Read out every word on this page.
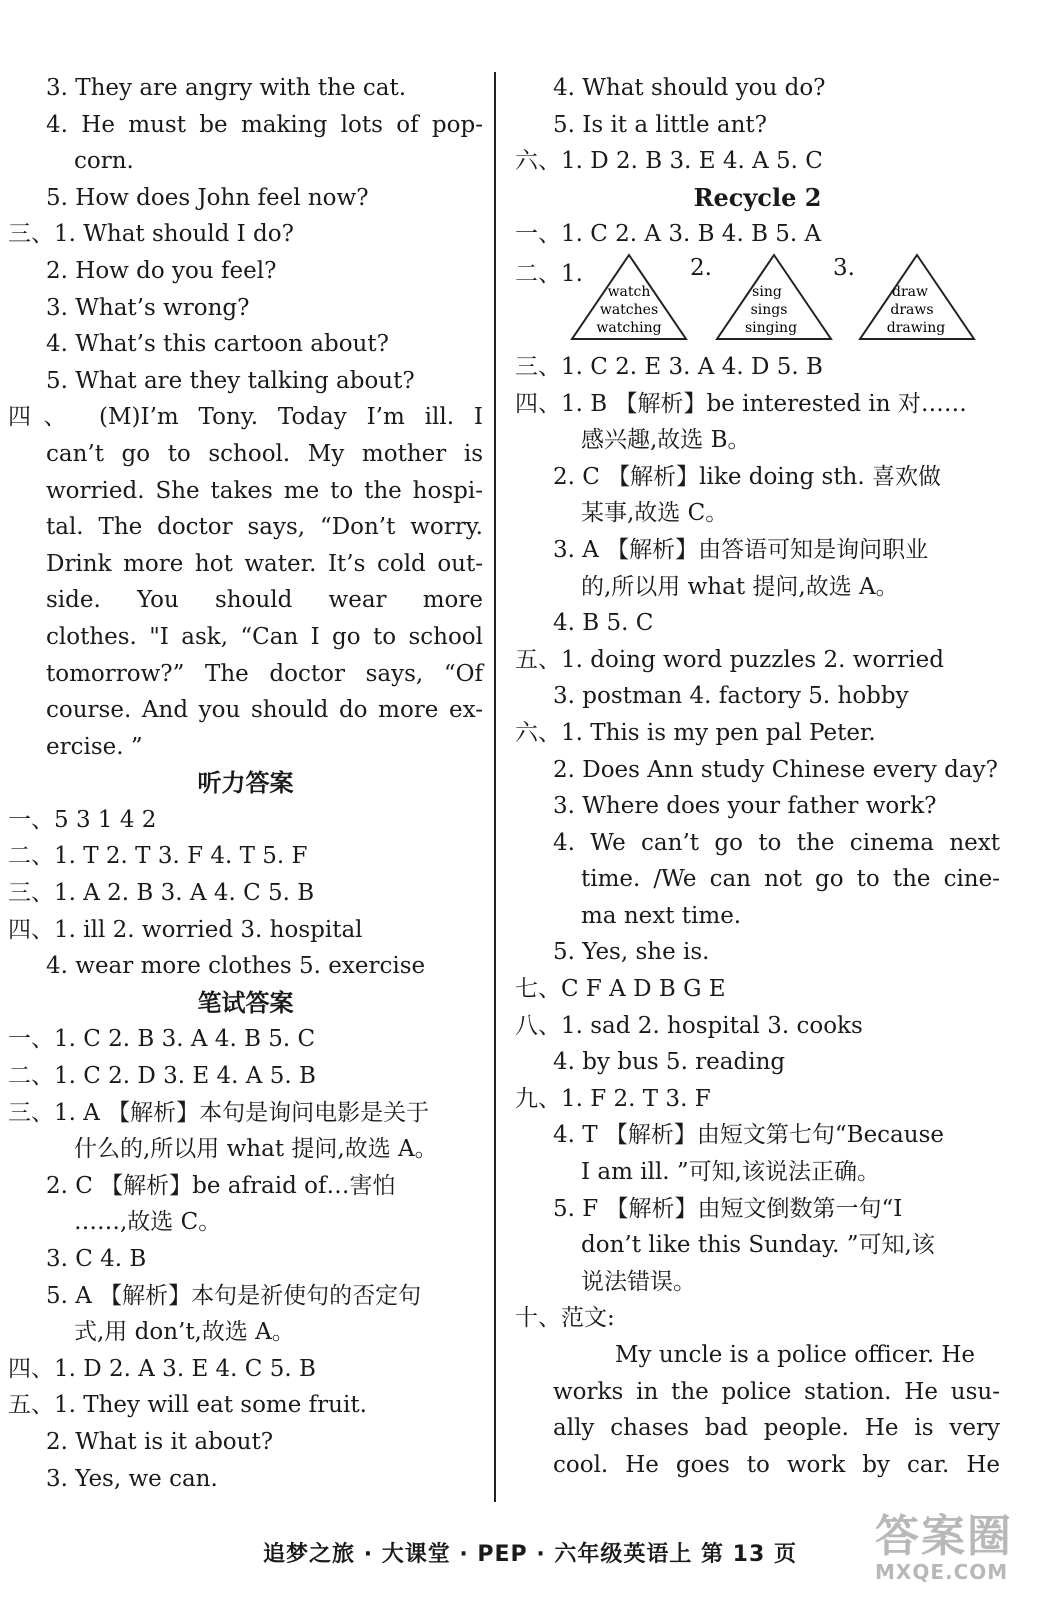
3. They are angry with the cat.
4. He must be making lots of pop-
corn.
5. How does John feel now?
三、1. What should I do?
2. How do you feel?
3. What’s wrong?
4. What’s this cartoon about?
5. What are they talking about?
四、 (M)I’m Tony. Today I’m ill. I
can’t go to school. My mother is
worried. She takes me to the hospi-
tal. The doctor says, “Don’t worry.
Drink more hot water. It’s cold out-
side. You should wear more
clothes. "I ask, “Can I go to school
tomorrow?” The doctor says, “Of
course. And you should do more ex-
ercise. ”
听力答案
一、5 3 1 4 2
二、1. T 2. T 3. F 4. T 5. F
三、1. A 2. B 3. A 4. C 5. B
四、1. ill 2. worried 3. hospital
4. wear more clothes 5. exercise
笔试答案
一、1. C 2. B 3. A 4. B 5. C
二、1. C 2. D 3. E 4. A 5. B
三、1. A 【解析】本句是询问电影是关于
什么的,所以用 what 提问,故选 A。
2. C 【解析】be afraid of…害怕
……,故选 C。
3. C 4. B
5. A 【解析】本句是祈使句的否定句
式,用 don’t,故选 A。
四、1. D 2. A 3. E 4. C 5. B
五、1. They will eat some fruit.
2. What is it about?
3. Yes, we can.
4. What should you do?
5. Is it a little ant?
六、1. D 2. B 3. E 4. A 5. C
Recycle 2
一、1. C 2. A 3. B 4. B 5. A
二、1.
watch
watches
watching
2.
sing
sings
singing
3.
draw
draws
drawing
三、1. C 2. E 3. A 4. D 5. B
四、1. B 【解析】be interested in 对……
感兴趣,故选 B。
2. C 【解析】like doing sth. 喜欢做
某事,故选 C。
3. A 【解析】由答语可知是询问职业
的,所以用 what 提问,故选 A。
4. B 5. C
五、1. doing word puzzles 2. worried
3. postman 4. factory 5. hobby
六、1. This is my pen pal Peter.
2. Does Ann study Chinese every day?
3. Where does your father work?
4. We can’t go to the cinema next
time. /We can not go to the cine-
ma next time.
5. Yes, she is.
七、C F A D B G E
八、1. sad 2. hospital 3. cooks
4. by bus 5. reading
九、1. F 2. T 3. F
4. T 【解析】由短文第七句“Because
I am ill. ”可知,该说法正确。
5. F 【解析】由短文倒数第一句“I
don’t like this Sunday. ”可知,该
说法错误。
十、范文:
My uncle is a police officer. He
works in the police station. He usu-
ally chases bad people. He is very
cool. He goes to work by car. He
追梦之旅 · 大课堂 · PEP · 六年级英语上 第 13 页	答案圈
MXQE.COM
